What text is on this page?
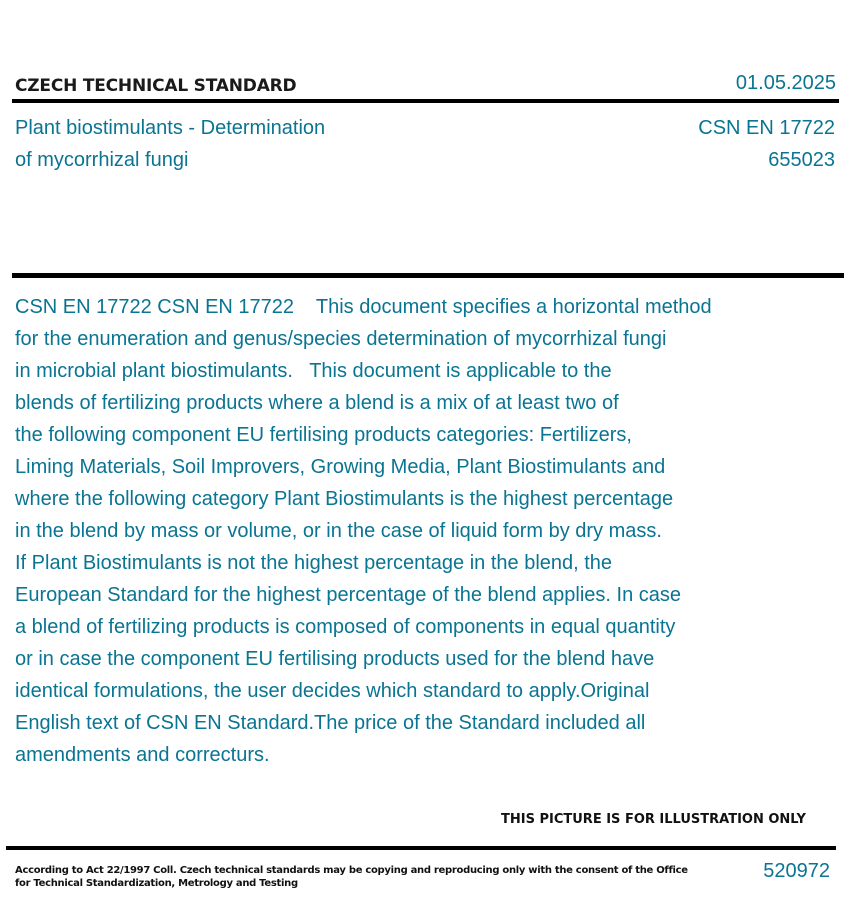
CZECH TECHNICAL STANDARD	01.05.2025
Plant biostimulants - Determination
of mycorrhizal fungi
CSN EN 17722
655023
CSN EN 17722 CSN EN 17722    This document specifies a horizontal method
for the enumeration and genus/species determination of mycorrhizal fungi
in microbial plant biostimulants.   This document is applicable to the
blends of fertilizing products where a blend is a mix of at least two of
the following component EU fertilising products categories: Fertilizers,
Liming Materials, Soil Improvers, Growing Media, Plant Biostimulants and
where the following category Plant Biostimulants is the highest percentage
in the blend by mass or volume, or in the case of liquid form by dry mass.
If Plant Biostimulants is not the highest percentage in the blend, the
European Standard for the highest percentage of the blend applies. In case
a blend of fertilizing products is composed of components in equal quantity
or in case the component EU fertilising products used for the blend have
identical formulations, the user decides which standard to apply.Original
English text of CSN EN Standard.The price of the Standard included all
amendments and correcturs.
THIS PICTURE IS FOR ILLUSTRATION ONLY
According to Act 22/1997 Coll. Czech technical standards may be copying and reproducing only with the consent of the Office
for Technical Standardization, Metrology and Testing
520972
